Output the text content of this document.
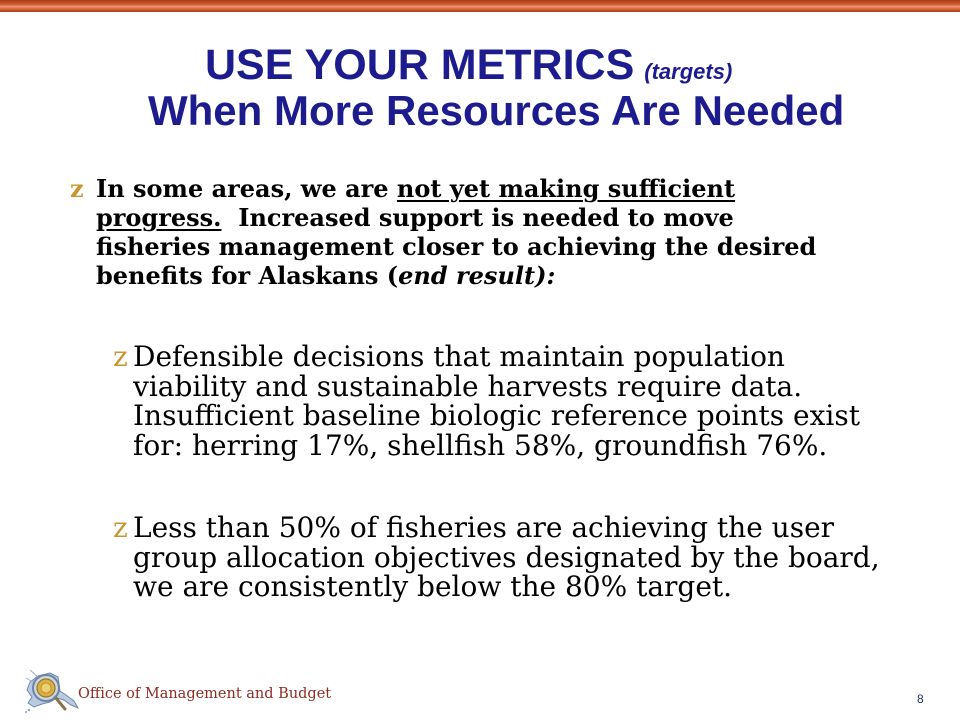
USE YOUR METRICS (targets)
When More Resources Are Needed
z In some areas, we are not yet making sufficient
progress.  Increased support is needed to move
fisheries management closer to achieving the desired
benefits for Alaskans (end result):
z Defensible decisions that maintain population
viability and sustainable harvests require data.
Insufficient baseline biologic reference points exist
for: herring 17%, shellfish 58%, groundfish 76%.
z Less than 50% of fisheries are achieving the user
group allocation objectives designated by the board,
we are consistently below the 80% target.
Office of Management and Budget	8
